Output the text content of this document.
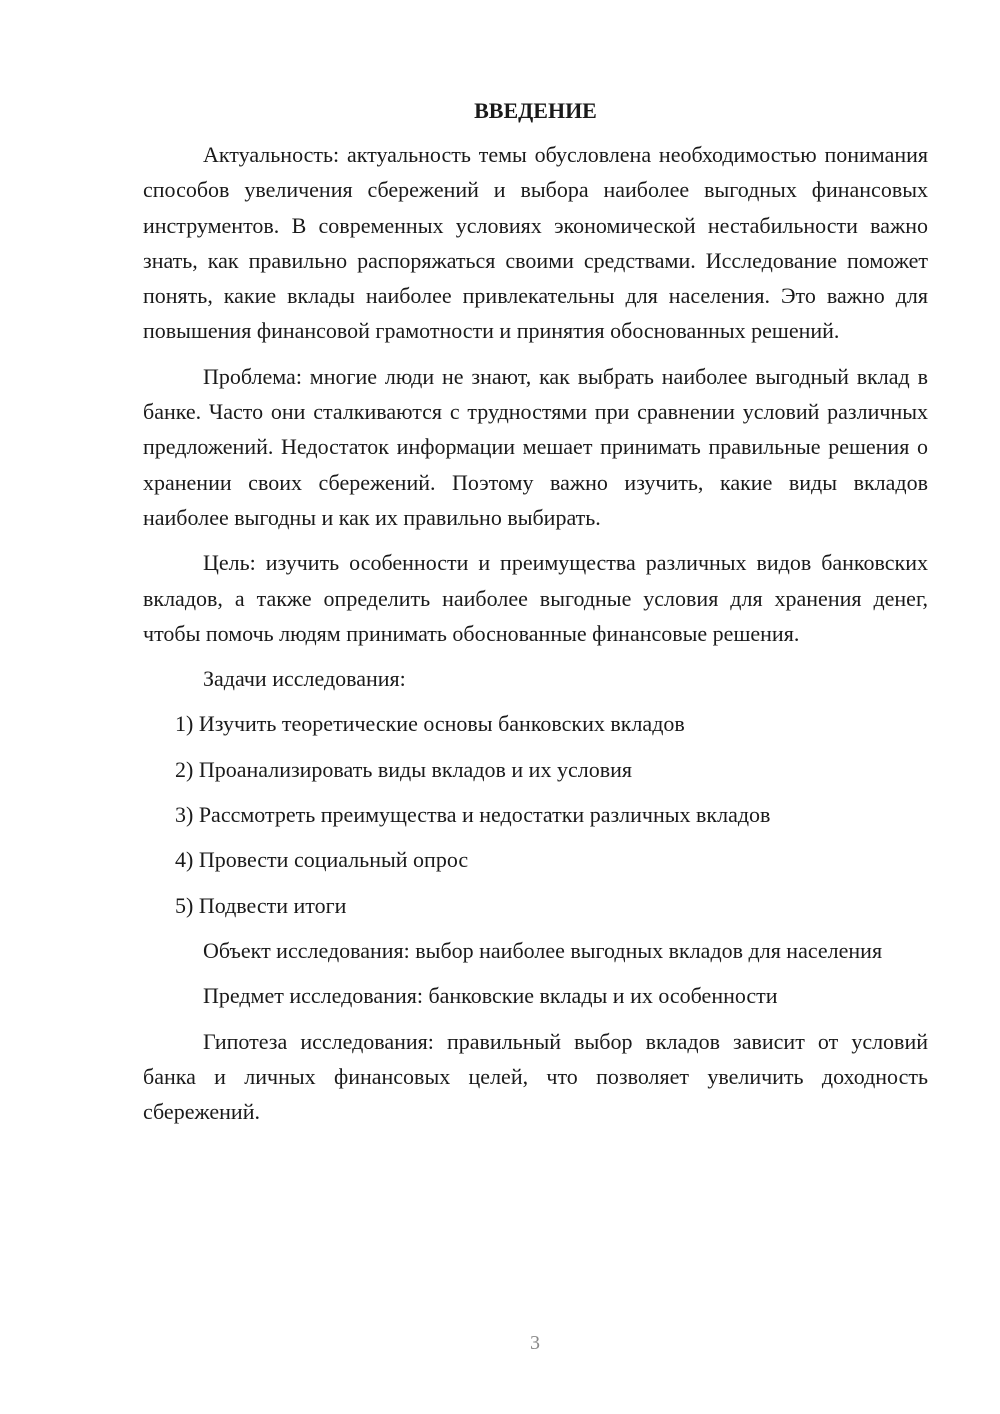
ВВЕДЕНИЕ

Актуальность: актуальность темы обусловлена необходимостью понимания способов увеличения сбережений и выбора наиболее выгодных финансовых инструментов. В современных условиях экономической нестабильности важно знать, как правильно распоряжаться своими средствами. Исследование поможет понять, какие вклады наиболее привлекательны для населения. Это важно для повышения финансовой грамотности и принятия обоснованных решений.

Проблема: многие люди не знают, как выбрать наиболее выгодный вклад в банке. Часто они сталкиваются с трудностями при сравнении условий различных предложений. Недостаток информации мешает принимать правильные решения о хранении своих сбережений. Поэтому важно изучить, какие виды вкладов наиболее выгодны и как их правильно выбирать.

Цель: изучить особенности и преимущества различных видов банковских вкладов, а также определить наиболее выгодные условия для хранения денег, чтобы помочь людям принимать обоснованные финансовые решения.

Задачи исследования:

1) Изучить теоретические основы банковских вкладов

2) Проанализировать виды вкладов и их условия

3) Рассмотреть преимущества и недостатки различных вкладов

4) Провести социальный опрос

5) Подвести итоги

Объект исследования: выбор наиболее выгодных вкладов для населения

Предмет исследования: банковские вклады и их особенности

Гипотеза исследования: правильный выбор вкладов зависит от условий банка и личных финансовых целей, что позволяет увеличить доходность сбережений.

3
